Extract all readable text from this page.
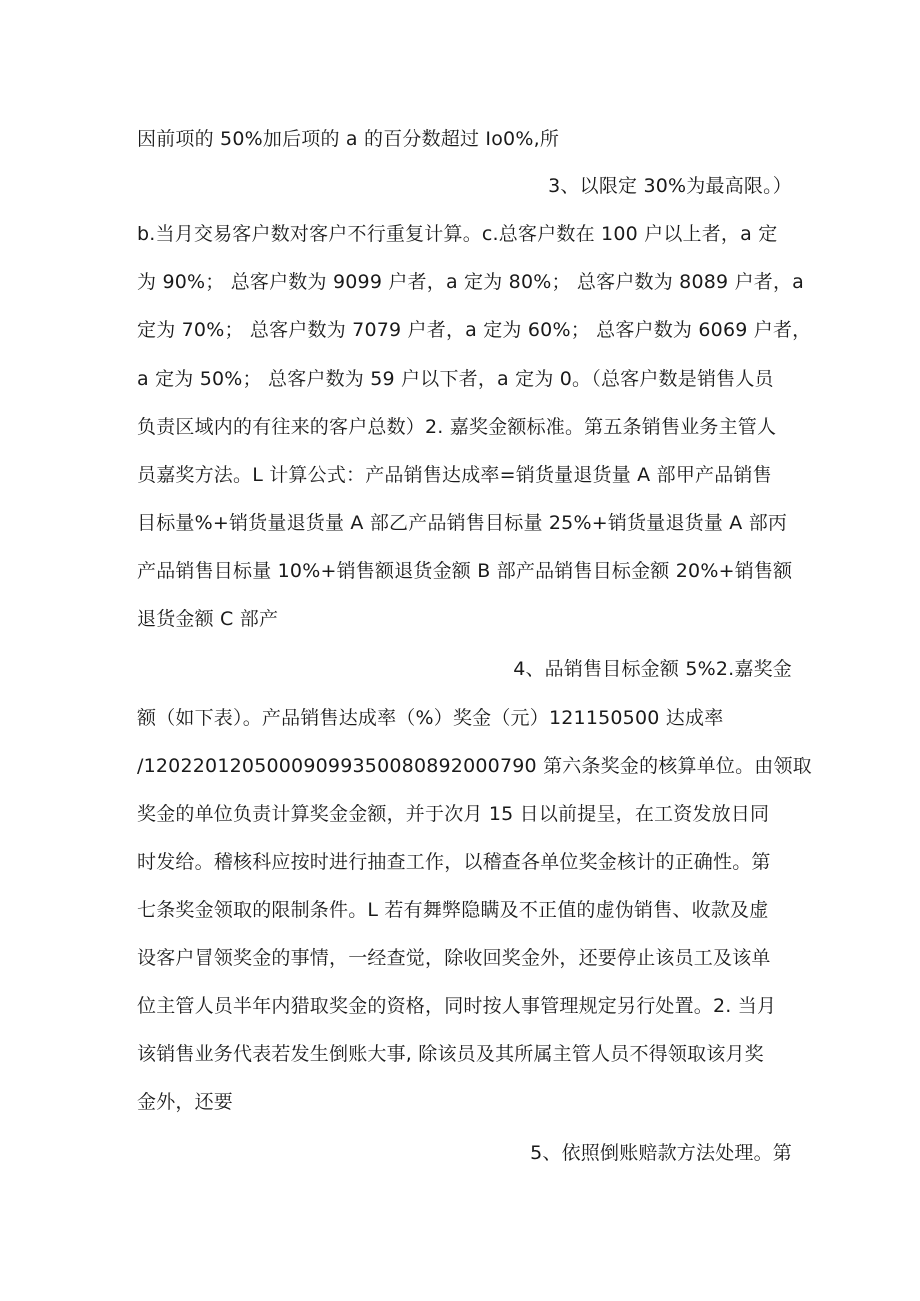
因前项的 50%加后项的 a 的百分数超过 Io0%,所
3、以限定 30%为最高限。）
b.当月交易客户数对客户不行重复计算。c.总客户数在 100 户以上者，a 定
为 90%； 总客户数为 9099 户者，a 定为 80%； 总客户数为 8089 户者，a
定为 70%； 总客户数为 7079 户者，a 定为 60%； 总客户数为 6069 户者，
a 定为 50%； 总客户数为 59 户以下者，a 定为 0。（总客户数是销售人员
负责区域内的有往来的客户总数）2. 嘉奖金额标准。第五条销售业务主管人
员嘉奖方法。L 计算公式：产品销售达成率=销货量退货量 A 部甲产品销售
目标量%+销货量退货量 A 部乙产品销售目标量 25%+销货量退货量 A 部丙
产品销售目标量 10%+销售额退货金额 B 部产品销售目标金额 20%+销售额
退货金额 C 部产
4、品销售目标金额 5%2.嘉奖金
额（如下表）。产品销售达成率（%）奖金（元）121150500 达成率
/120220120500090993500808920007​90 第六条奖金的核算单位。由领取
奖金的单位负责计算奖金金额，并于次月 15 日以前提呈，在工资发放日同
时发给。稽核科应按时进行抽查工作，以稽查各单位奖金核计的正确性。第
七条奖金领取的限制条件。L 若有舞弊隐瞒及不正值的虚伪销售、收款及虚
设客户冒领奖金的事情，一经查觉，除收回奖金外，还要停止该员工及该单
位主管人员半年内猎取奖金的资格，同时按人事管理规定另行处置。2. 当月
该销售业务代表若发生倒账大事, 除该员及其所属主管人员不得领取该月奖
金外，还要
5、依照倒账赔款方法处理。第
